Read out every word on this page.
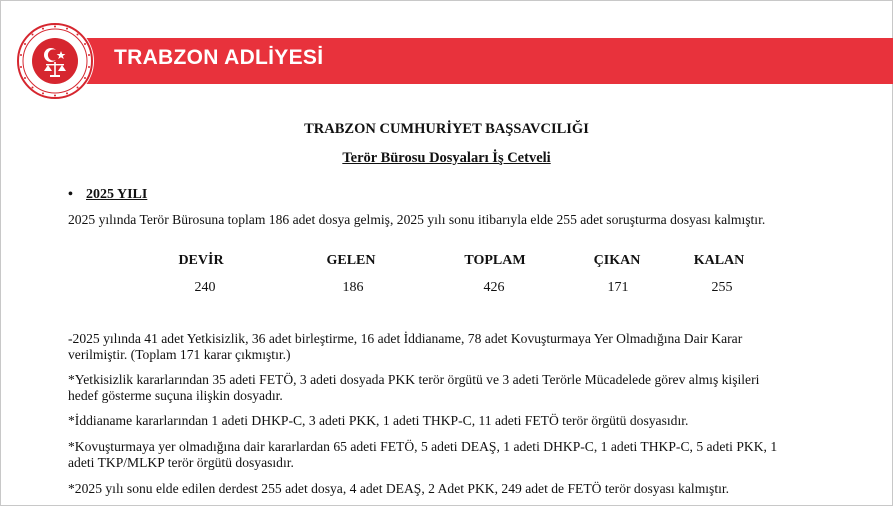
TRABZON ADLİYESİ
TRABZON CUMHURİYET BAŞSAVCILIĞI
Terör Bürosu Dosyaları İş Cetveli
• 2025 YILI
2025 yılında Terör Bürosuna toplam 186 adet dosya gelmiş, 2025 yılı sonu itibarıyla elde 255 adet soruşturma dosyası kalmıştır.
DEVİR	GELEN	TOPLAM	ÇIKAN	KALAN
240	186	426	171	255
-2025 yılında 41 adet Yetkisizlik, 36 adet birleştirme, 16 adet İddianame, 78 adet Kovuşturmaya Yer Olmadığına Dair Karar
verilmiştir. (Toplam 171 karar çıkmıştır.)
*Yetkisizlik kararlarından 35 adeti FETÖ, 3 adeti dosyada PKK terör örgütü ve 3 adeti Terörle Mücadelede görev almış kişileri
hedef gösterme suçuna ilişkin dosyadır.
*İddianame kararlarından 1 adeti DHKP-C, 3 adeti PKK, 1 adeti THKP-C, 11 adeti FETÖ terör örgütü dosyasıdır.
*Kovuşturmaya yer olmadığına dair kararlardan 65 adeti FETÖ, 5 adeti DEAŞ, 1 adeti DHKP-C, 1 adeti THKP-C, 5 adeti PKK, 1
adeti TKP/MLKP terör örgütü dosyasıdır.
*2025 yılı sonu elde edilen derdest 255 adet dosya, 4 adet DEAŞ, 2 Adet PKK, 249 adet de FETÖ terör dosyası kalmıştır.
